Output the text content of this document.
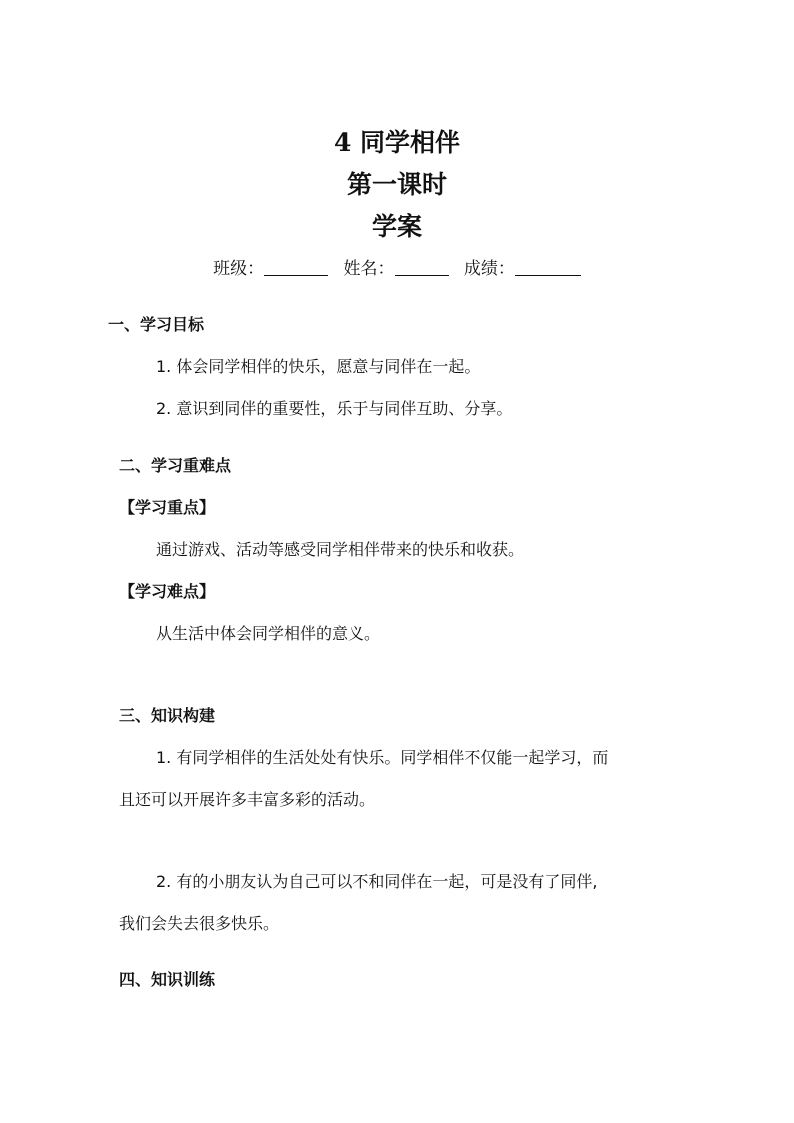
4 同学相伴
第一课时
学案
班级：	姓名：	成绩：
一、学习目标
1. 体会同学相伴的快乐，愿意与同伴在一起。
2. 意识到同伴的重要性，乐于与同伴互助、分享。
二、学习重难点
【学习重点】
通过游戏、活动等感受同学相伴带来的快乐和收获。
【学习难点】
从生活中体会同学相伴的意义。
三、知识构建
1. 有同学相伴的生活处处有快乐。同学相伴不仅能一起学习，而
且还可以开展许多丰富多彩的活动。
2. 有的小朋友认为自己可以不和同伴在一起，可是没有了同伴,
我们会失去很多快乐。
四、知识训练
